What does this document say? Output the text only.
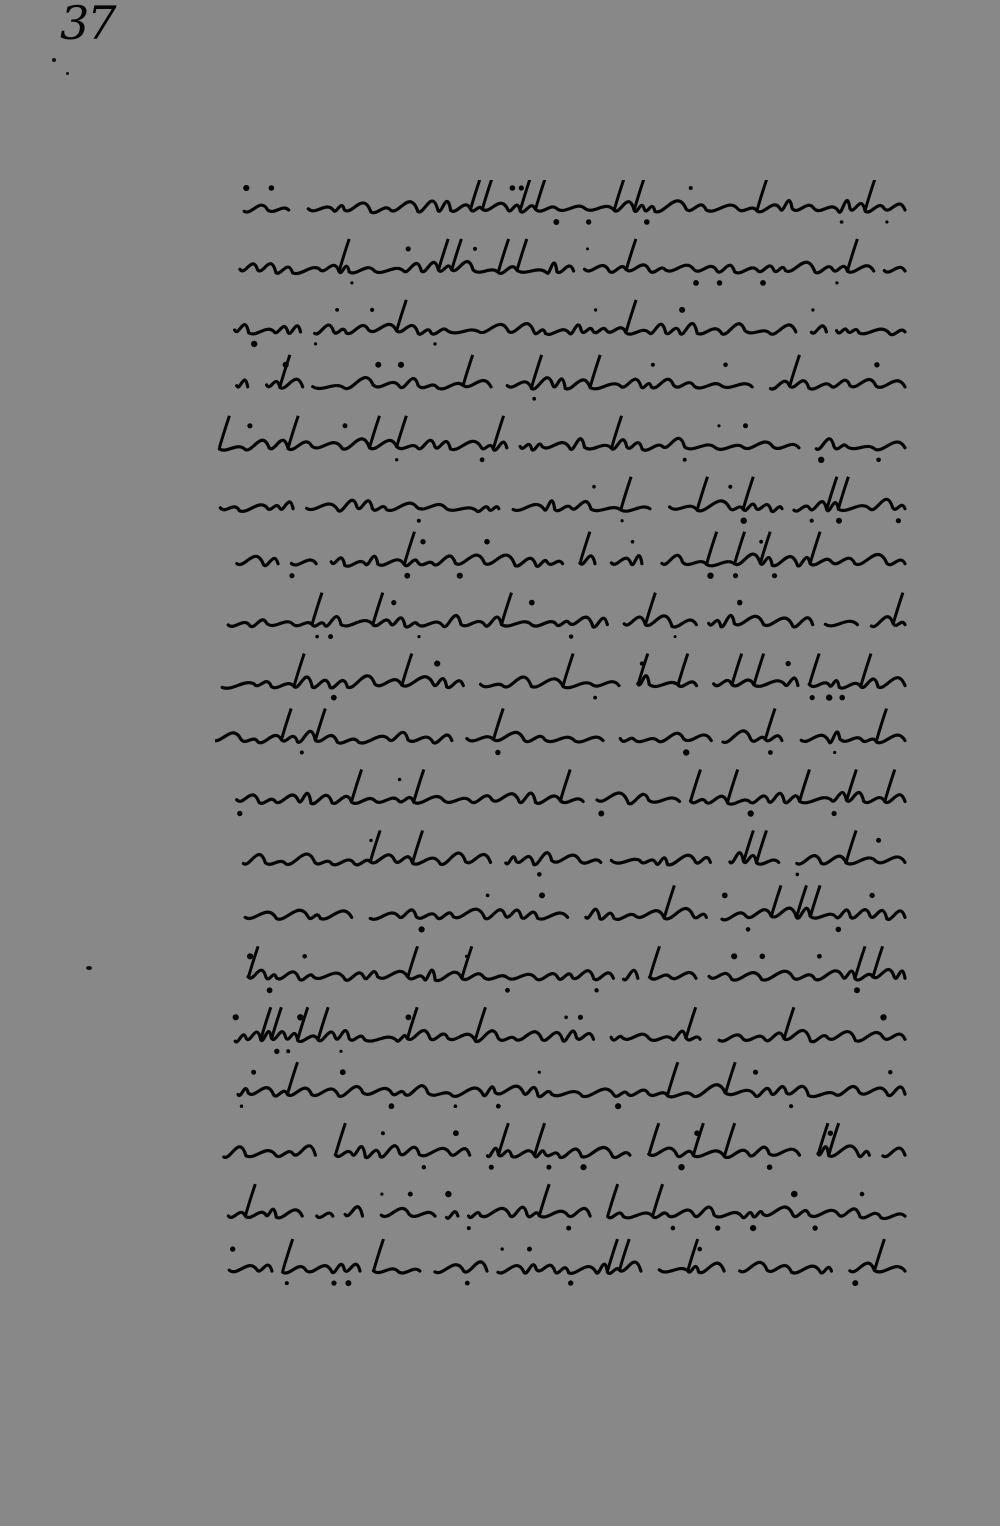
37
